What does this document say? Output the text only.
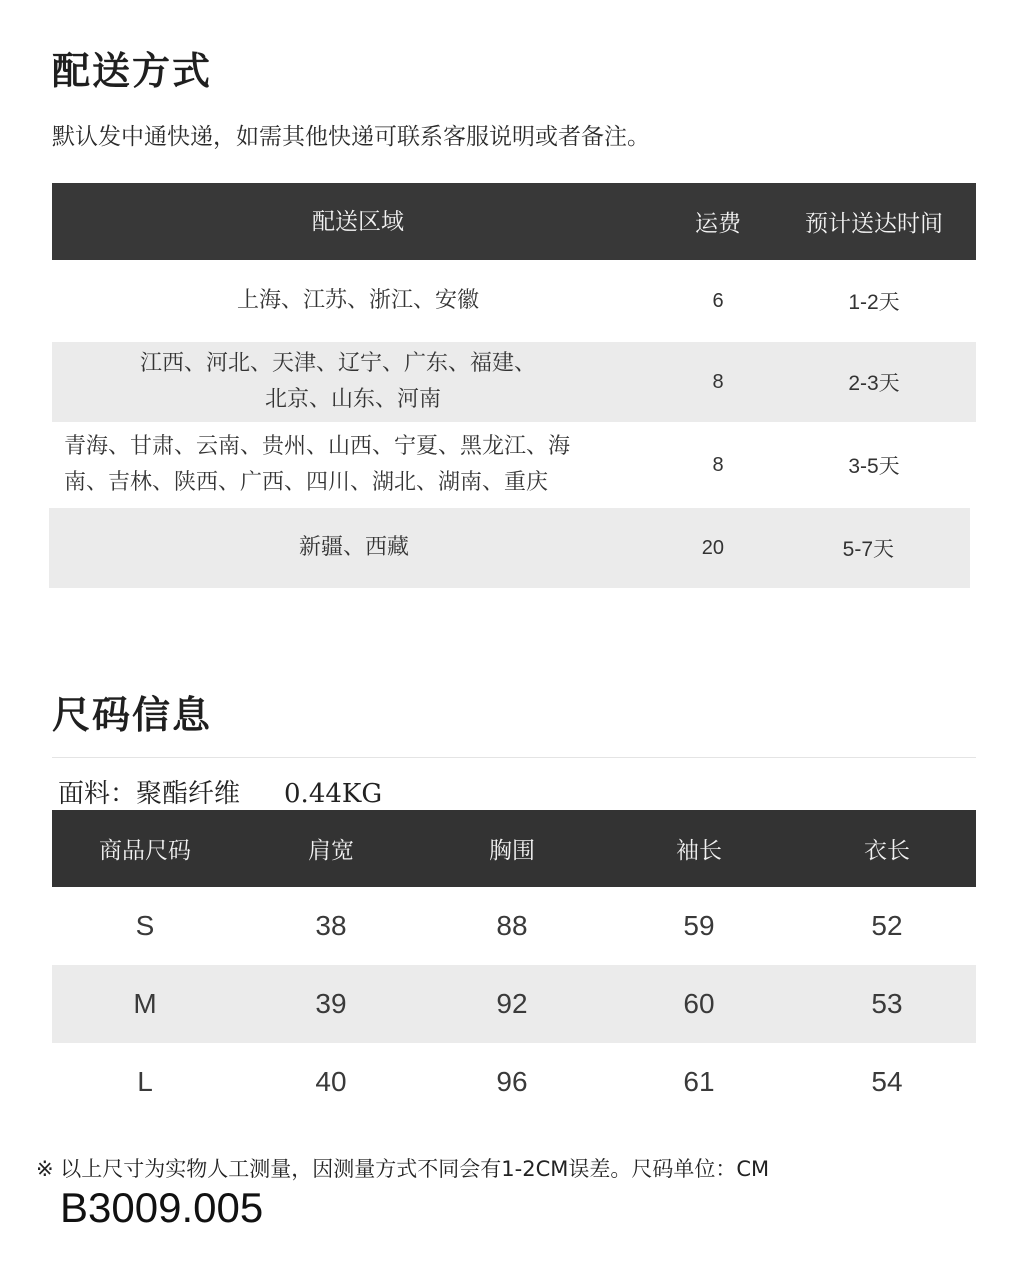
配送方式
默认发中通快递，如需其他快递可联系客服说明或者备注。
配送区域	运费	预计送达时间
上海、江苏、浙江、安徽	6	1-2天
江西、河北、天津、辽宁、广东、福建、
北京、山东、河南
8	2-3天
青海、甘肃、云南、贵州、山西、宁夏、黑龙江、海
南、吉林、陕西、广西、四川、湖北、湖南、重庆
8	3-5天
新疆、西藏	20	5-7天
尺码信息
面料：聚酯纤维 0.44KG
商品尺码	肩宽	胸围	袖长	衣长
S	38	88	59	52
M	39	92	60	53
L	40	96	61	54
※ 以上尺寸为实物人工测量，因测量方式不同会有1-2CM误差。尺码单位：CM
B3009.005
